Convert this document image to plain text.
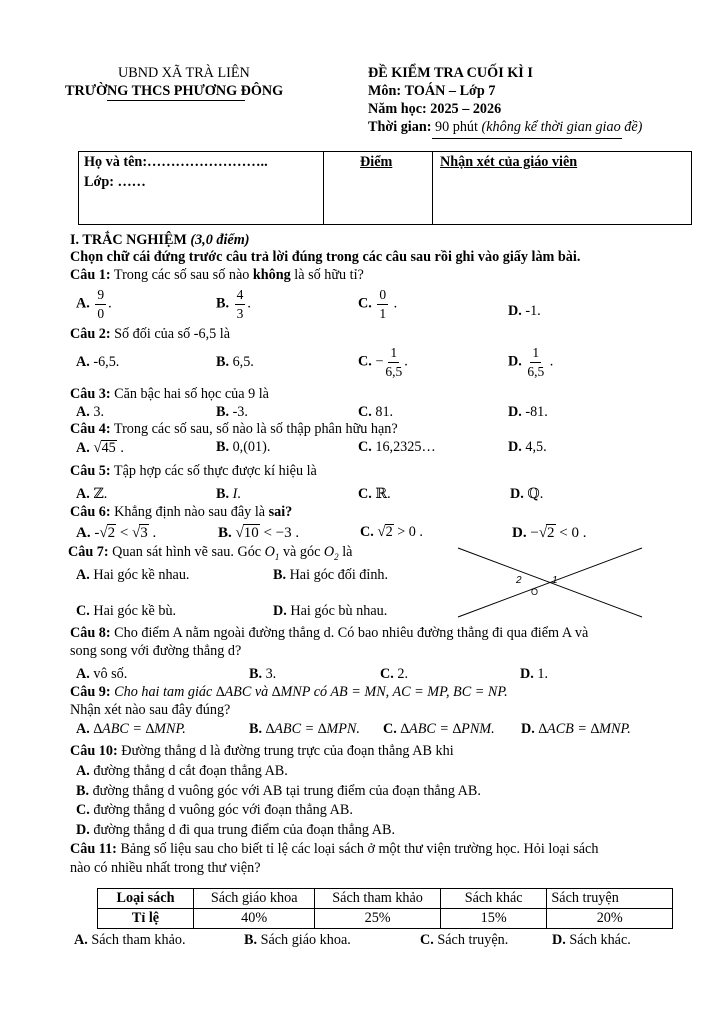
UBND XÃ TRÀ LIÊN
TRƯỜNG THCS PHƯƠNG ĐÔNG
ĐỀ KIỂM TRA CUỐI KÌ I
Môn: TOÁN – Lớp 7
Năm học: 2025 – 2026
Thời gian: 90 phút (không kể thời gian giao đề)
Họ và tên:……………………..
Lớp: ……
Điểm	Nhận xét của giáo viên
I. TRẮC NGHIỆM (3,0 điểm)
Chọn chữ cái đứng trước câu trả lời đúng trong các câu sau rồi ghi vào giấy làm bài.
Câu 1: Trong các số sau số nào không là số hữu tỉ?
A. $\frac{9}{0}$ .	B. $\frac{4}{3}$ .	C. $\frac{0}{1}$ .	D. -1.
Câu 2: Số đối của số -6,5 là
A. -6,5.	B. 6,5.	C. − $\frac{1}{6,5}$ .	D. $\frac{1}{6,5}$ .
Câu 3: Căn bậc hai số học của 9 là
A. 3.	B. -3.	C. 81.	D. -81.
Câu 4: Trong các số sau, số nào là số thập phân hữu hạn?
A. √45 .	B. 0,(01).	C. 16,2325…	D. 4,5.
Câu 5: Tập hợp các số thực được kí hiệu là
A. ℤ.	B. I.	C. ℝ.	D. ℚ.
Câu 6: Khẳng định nào sau đây là sai?
A. -√2 < √3 .	B. √10 < −3 .	C. √2 > 0 .	D. −√2 < 0 .
Câu 7: Quan sát hình vẽ sau. Góc $O_1$ và góc $O_2$ là
A. Hai góc kề nhau.	B. Hai góc đối đỉnh.
C. Hai góc kề bù.	D. Hai góc bù nhau.
2	1
O
Câu 8: Cho điểm A nằm ngoài đường thẳng d. Có bao nhiêu đường thẳng đi qua điểm A và
song song với đường thẳng d?
A. vô số.	B. 3.	C. 2.	D. 1.
Câu 9: Cho hai tam giác ∆ABC và ∆MNP có AB = MN, AC = MP, BC = NP.
Nhận xét nào sau đây đúng?
A. ∆ABC = ∆MNP.	B. ∆ABC = ∆MPN. C. ∆ABC = ∆PNM. D. ∆ACB = ∆MNP.
Câu 10: Đường thẳng d là đường trung trực của đoạn thẳng AB khi
A. đường thẳng d cắt đoạn thẳng AB.
B. đường thẳng d vuông góc với AB tại trung điểm của đoạn thẳng AB.
C. đường thẳng d vuông góc với đoạn thẳng AB.
D. đường thẳng d đi qua trung điểm của đoạn thẳng AB.
Câu 11: Bảng số liệu sau cho biết tỉ lệ các loại sách ở một thư viện trường học. Hỏi loại sách
nào có nhiều nhất trong thư viện?
Loại sách	Sách giáo khoa	Sách tham khảo	Sách khác	Sách truyện
Tỉ lệ	40%	25%	15%	20%
A. Sách tham khảo.	B. Sách giáo khoa.	C. Sách truyện.	D. Sách khác.
